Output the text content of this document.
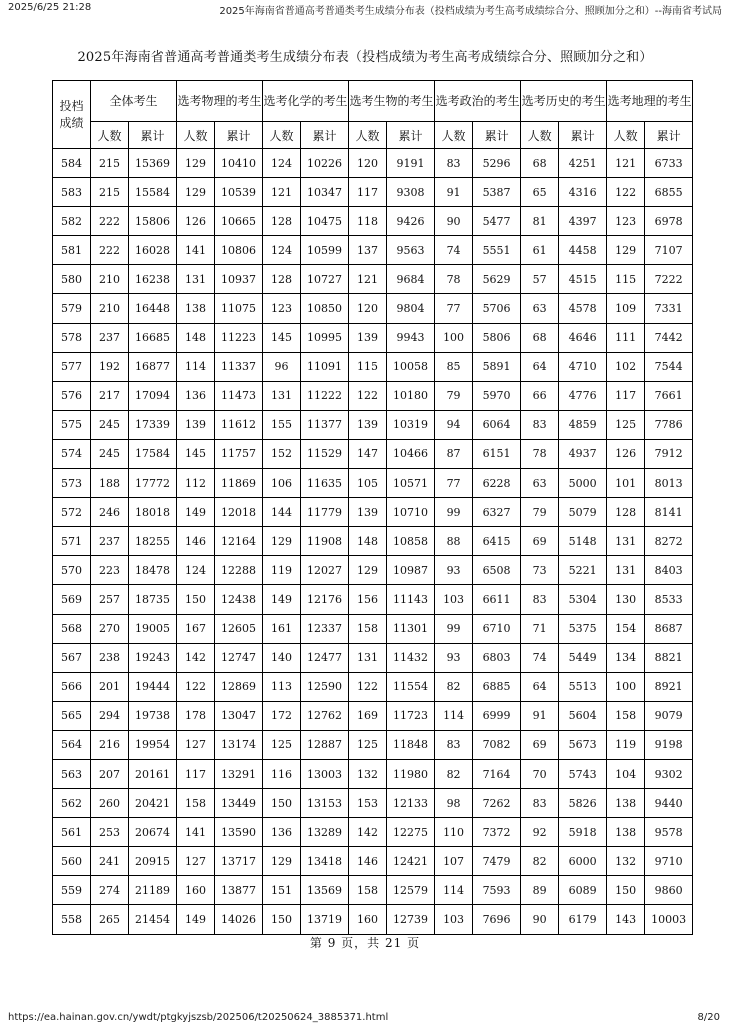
2025/6/25 21:28	2025年海南省普通高考普通类考生成绩分布表（投档成绩为考生高考成绩综合分、照顾加分之和）--海南省考试局
2025年海南省普通高考普通类考生成绩分布表（投档成绩为考生高考成绩综合分、照顾加分之和）
投档
成绩	全体考生		选考物理的考生		选考化学的考生		选考生物的考生		选考政治的考生		选考历史的考生		选考地理的考生	
	人数	累计	人数	累计	人数	累计	人数	累计	人数	累计	人数	累计	人数	累计
584	215	15369	129	10410	124	10226	120	9191	83	5296	68	4251	121	6733
583	215	15584	129	10539	121	10347	117	9308	91	5387	65	4316	122	6855
582	222	15806	126	10665	128	10475	118	9426	90	5477	81	4397	123	6978
581	222	16028	141	10806	124	10599	137	9563	74	5551	61	4458	129	7107
580	210	16238	131	10937	128	10727	121	9684	78	5629	57	4515	115	7222
579	210	16448	138	11075	123	10850	120	9804	77	5706	63	4578	109	7331
578	237	16685	148	11223	145	10995	139	9943	100	5806	68	4646	111	7442
577	192	16877	114	11337	96	11091	115	10058	85	5891	64	4710	102	7544
576	217	17094	136	11473	131	11222	122	10180	79	5970	66	4776	117	7661
575	245	17339	139	11612	155	11377	139	10319	94	6064	83	4859	125	7786
574	245	17584	145	11757	152	11529	147	10466	87	6151	78	4937	126	7912
573	188	17772	112	11869	106	11635	105	10571	77	6228	63	5000	101	8013
572	246	18018	149	12018	144	11779	139	10710	99	6327	79	5079	128	8141
571	237	18255	146	12164	129	11908	148	10858	88	6415	69	5148	131	8272
570	223	18478	124	12288	119	12027	129	10987	93	6508	73	5221	131	8403
569	257	18735	150	12438	149	12176	156	11143	103	6611	83	5304	130	8533
568	270	19005	167	12605	161	12337	158	11301	99	6710	71	5375	154	8687
567	238	19243	142	12747	140	12477	131	11432	93	6803	74	5449	134	8821
566	201	19444	122	12869	113	12590	122	11554	82	6885	64	5513	100	8921
565	294	19738	178	13047	172	12762	169	11723	114	6999	91	5604	158	9079
564	216	19954	127	13174	125	12887	125	11848	83	7082	69	5673	119	9198
563	207	20161	117	13291	116	13003	132	11980	82	7164	70	5743	104	9302
562	260	20421	158	13449	150	13153	153	12133	98	7262	83	5826	138	9440
561	253	20674	141	13590	136	13289	142	12275	110	7372	92	5918	138	9578
560	241	20915	127	13717	129	13418	146	12421	107	7479	82	6000	132	9710
559	274	21189	160	13877	151	13569	158	12579	114	7593	89	6089	150	9860
558	265	21454	149	14026	150	13719	160	12739	103	7696	90	6179	143	10003
第 9 页，共 21 页
https://ea.hainan.gov.cn/ywdt/ptgkyjszsb/202506/t20250624_3885371.html	8/20
